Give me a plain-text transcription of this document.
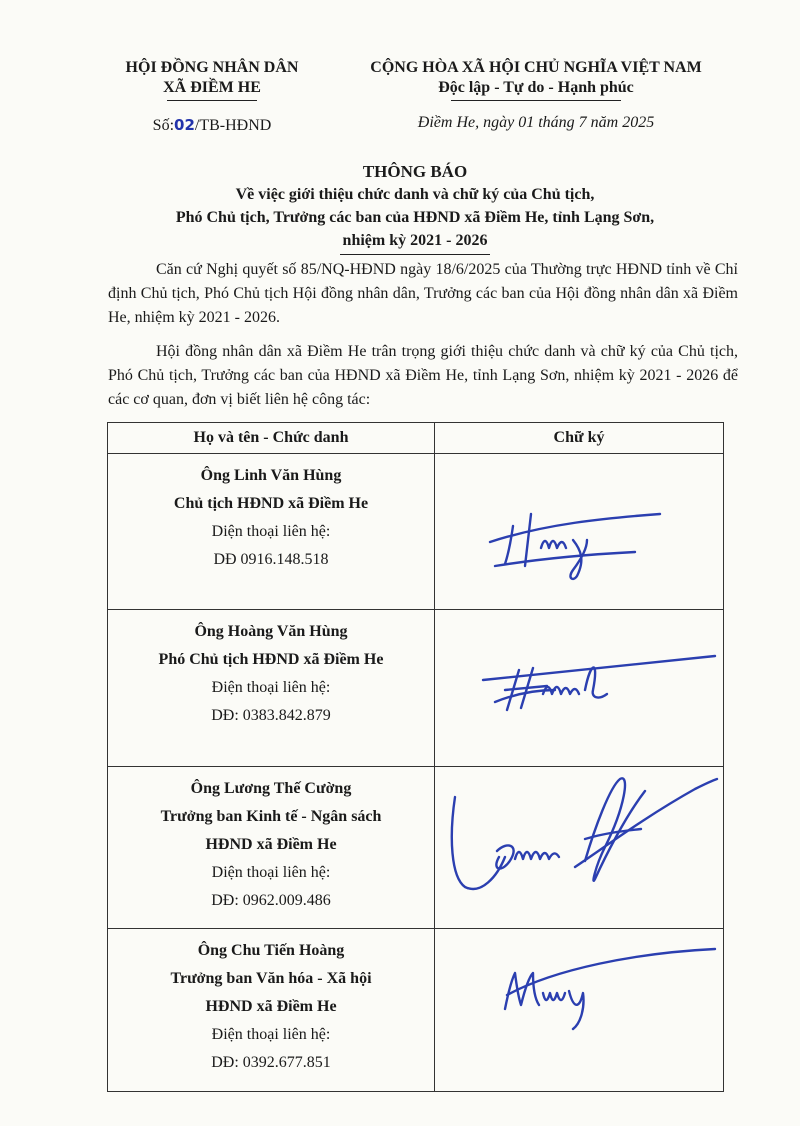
HỘI ĐỒNG NHÂN DÂN
XÃ ĐIỀM HE
Số:02/TB-HĐND
CỘNG HÒA XÃ HỘI CHỦ NGHĨA VIỆT NAM
Độc lập - Tự do - Hạnh phúc
Điềm He, ngày 01 tháng 7 năm 2025
THÔNG BÁO
Về việc giới thiệu chức danh và chữ ký của Chủ tịch,
Phó Chủ tịch, Trưởng các ban của HĐND xã Điềm He, tỉnh Lạng Sơn,
nhiệm kỳ 2021 - 2026
Căn cứ Nghị quyết số 85/NQ-HĐND ngày 18/6/2025 của Thường trực HĐND tỉnh về Chỉ định Chủ tịch, Phó Chủ tịch Hội đồng nhân dân, Trưởng các ban của Hội đồng nhân dân xã Điềm He, nhiệm kỳ 2021 - 2026.
Hội đồng nhân dân xã Điềm He trân trọng giới thiệu chức danh và chữ ký của Chủ tịch, Phó Chủ tịch, Trưởng các ban của HĐND xã Điềm He, tỉnh Lạng Sơn, nhiệm kỳ 2021 - 2026 để các cơ quan, đơn vị biết liên hệ công tác:
Họ và tên - Chức danh	Chữ ký

Ông Linh Văn Hùng
Chủ tịch HĐND xã Điềm He
Diện thoại liên hệ:
DĐ 0916.148.518

Ông Hoàng Văn Hùng
Phó Chủ tịch HĐND xã Điềm He
Điện thoại liên hệ:
DĐ: 0383.842.879

Ông Lương Thế Cường
Trưởng ban Kinh tế - Ngân sách
HĐND xã Điềm He
Diện thoại liên hệ:
DĐ: 0962.009.486

Ông Chu Tiến Hoàng
Trưởng ban Văn hóa - Xã hội
HĐND xã Điềm He
Điện thoại liên hệ:
DĐ: 0392.677.851
